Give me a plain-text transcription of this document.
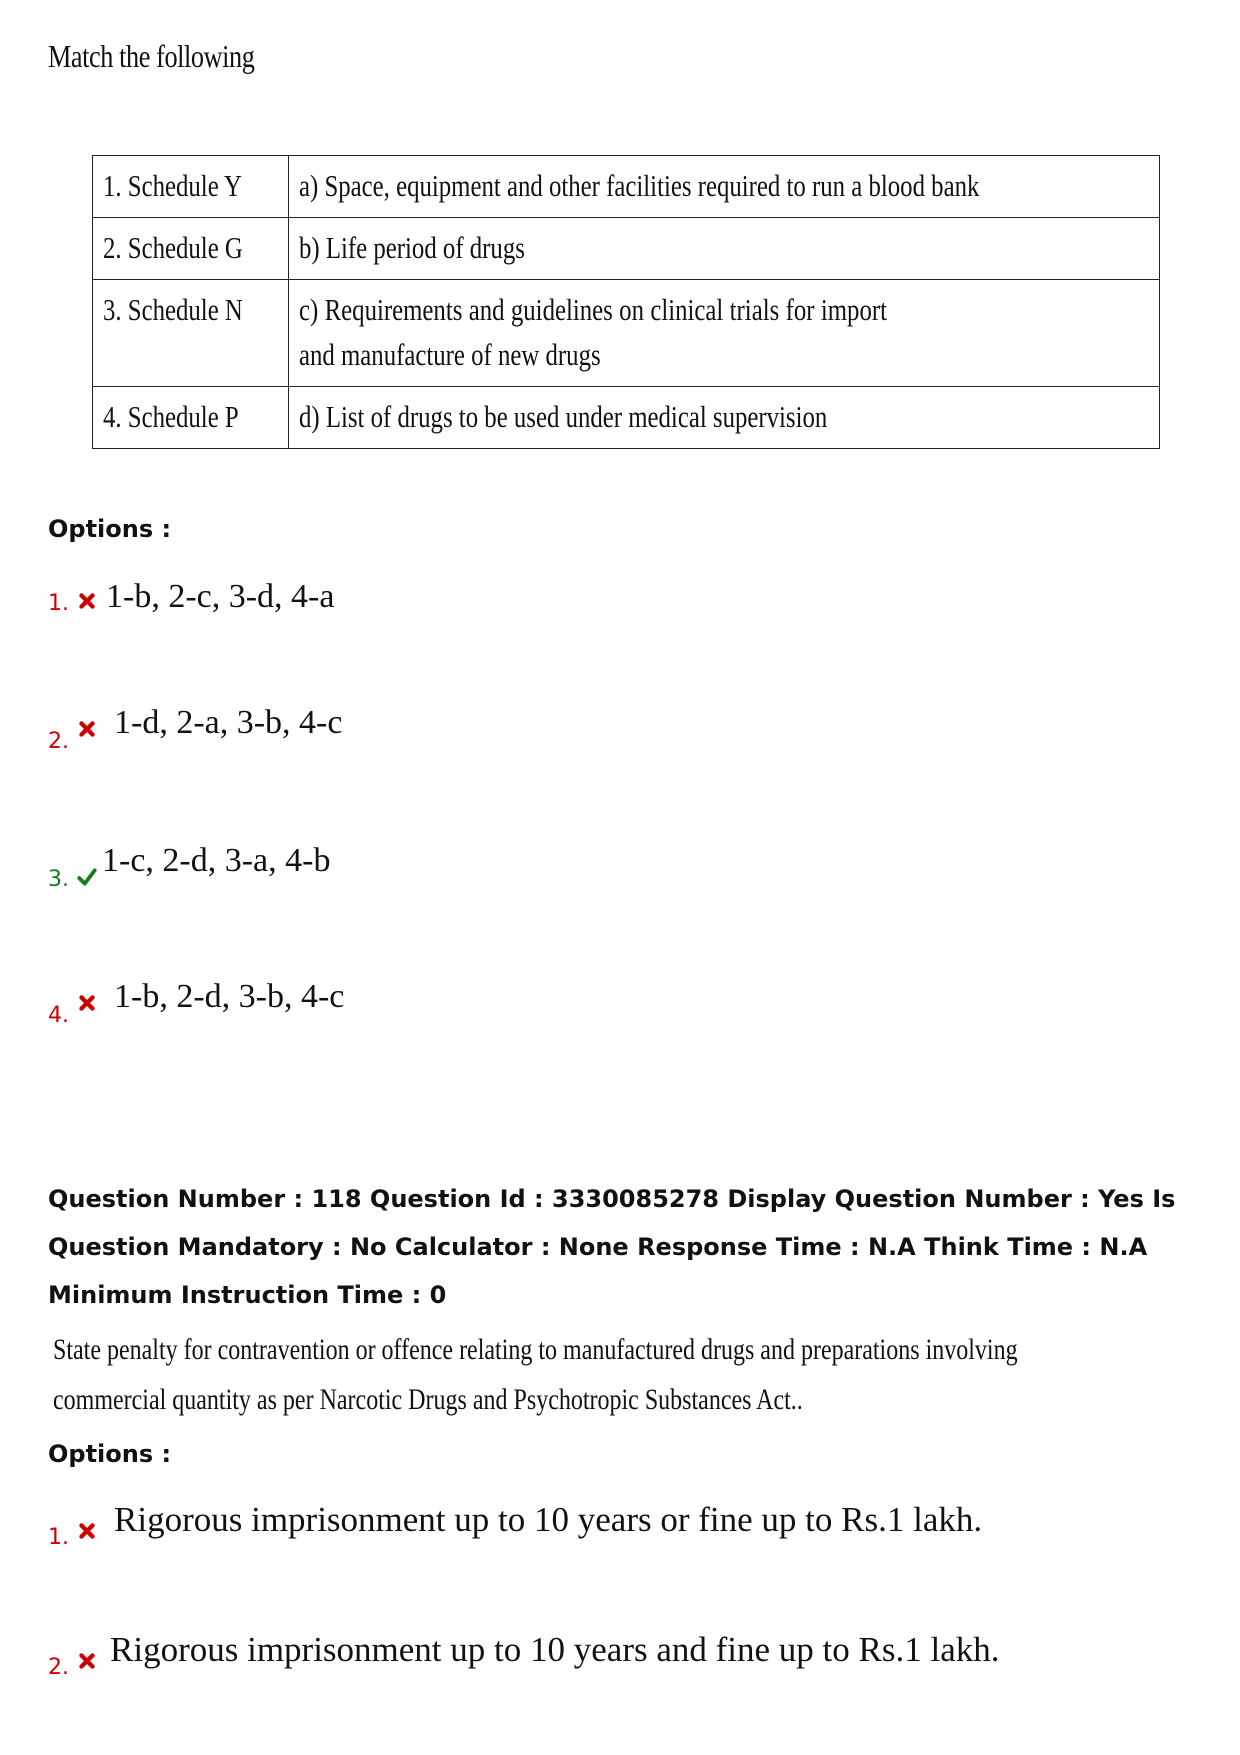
Match the following
1. Schedule Y	a) Space, equipment and other facilities required to run a blood bank
2. Schedule G	b) Life period of drugs
3. Schedule N	c) Requirements and guidelines on clinical trials for import and manufacture of new drugs
4. Schedule P	d) List of drugs to be used under medical supervision
Options :
1. 1-b, 2-c, 3-d, 4-a
2.
1-d, 2-a, 3-b, 4-c
3.
1-c, 2-d, 3-a, 4-b
4.
1-b, 2-d, 3-b, 4-c
Question Number : 118 Question Id : 3330085278 Display Question Number : Yes Is Question Mandatory : No Calculator : None Response Time : N.A Think Time : N.A Minimum Instruction Time : 0
State penalty for contravention or offence relating to manufactured drugs and preparations involving
commercial quantity as per Narcotic Drugs and Psychotropic Substances Act..
Options :
1. Rigorous imprisonment up to 10 years or fine up to Rs.1 lakh.
2. Rigorous imprisonment up to 10 years and fine up to Rs.1 lakh.
